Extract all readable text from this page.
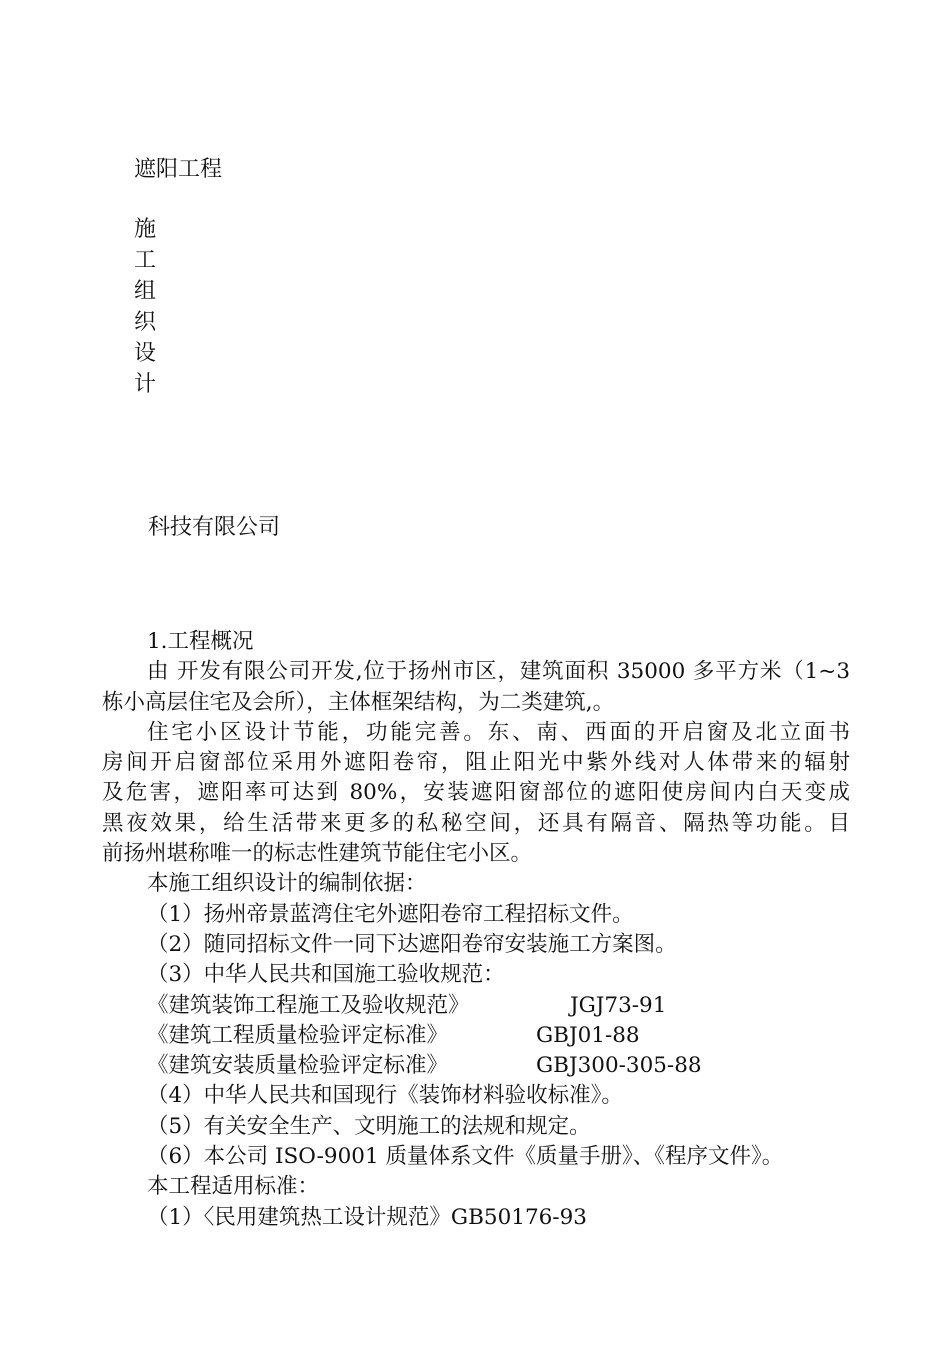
遮阳工程
施
工
组
织
设
计
科技有限公司
1.工程概况
由 开发有限公司开发,位于扬州市区，建筑面积 35000 多平方米（1~3
栋小高层住宅及会所），主体框架结构，为二类建筑,。
住宅小区设计节能，功能完善。东、南、西面的开启窗及北立面书
房间开启窗部位采用外遮阳卷帘，阻止阳光中紫外线对人体带来的辐射
及危害，遮阳率可达到 80%，安装遮阳窗部位的遮阳使房间内白天变成
黑夜效果，给生活带来更多的私秘空间，还具有隔音、隔热等功能。目
前扬州堪称唯一的标志性建筑节能住宅小区。
本施工组织设计的编制依据：
（1）扬州帝景蓝湾住宅外遮阳卷帘工程招标文件。
（2）随同招标文件一同下达遮阳卷帘安装施工方案图。
（3）中华人民共和国施工验收规范：
《建筑装饰工程施工及验收规范》	JGJ73-91
《建筑工程质量检验评定标准》	GBJ01-88
《建筑安装质量检验评定标准》	GBJ300-305-88
（4）中华人民共和国现行《装饰材料验收标准》。
（5）有关安全生产、文明施工的法规和规定。
（6）本公司 ISO-9001 质量体系文件《质量手册》、《程序文件》。
本工程适用标准：
（1）〈民用建筑热工设计规范》GB50176-93
